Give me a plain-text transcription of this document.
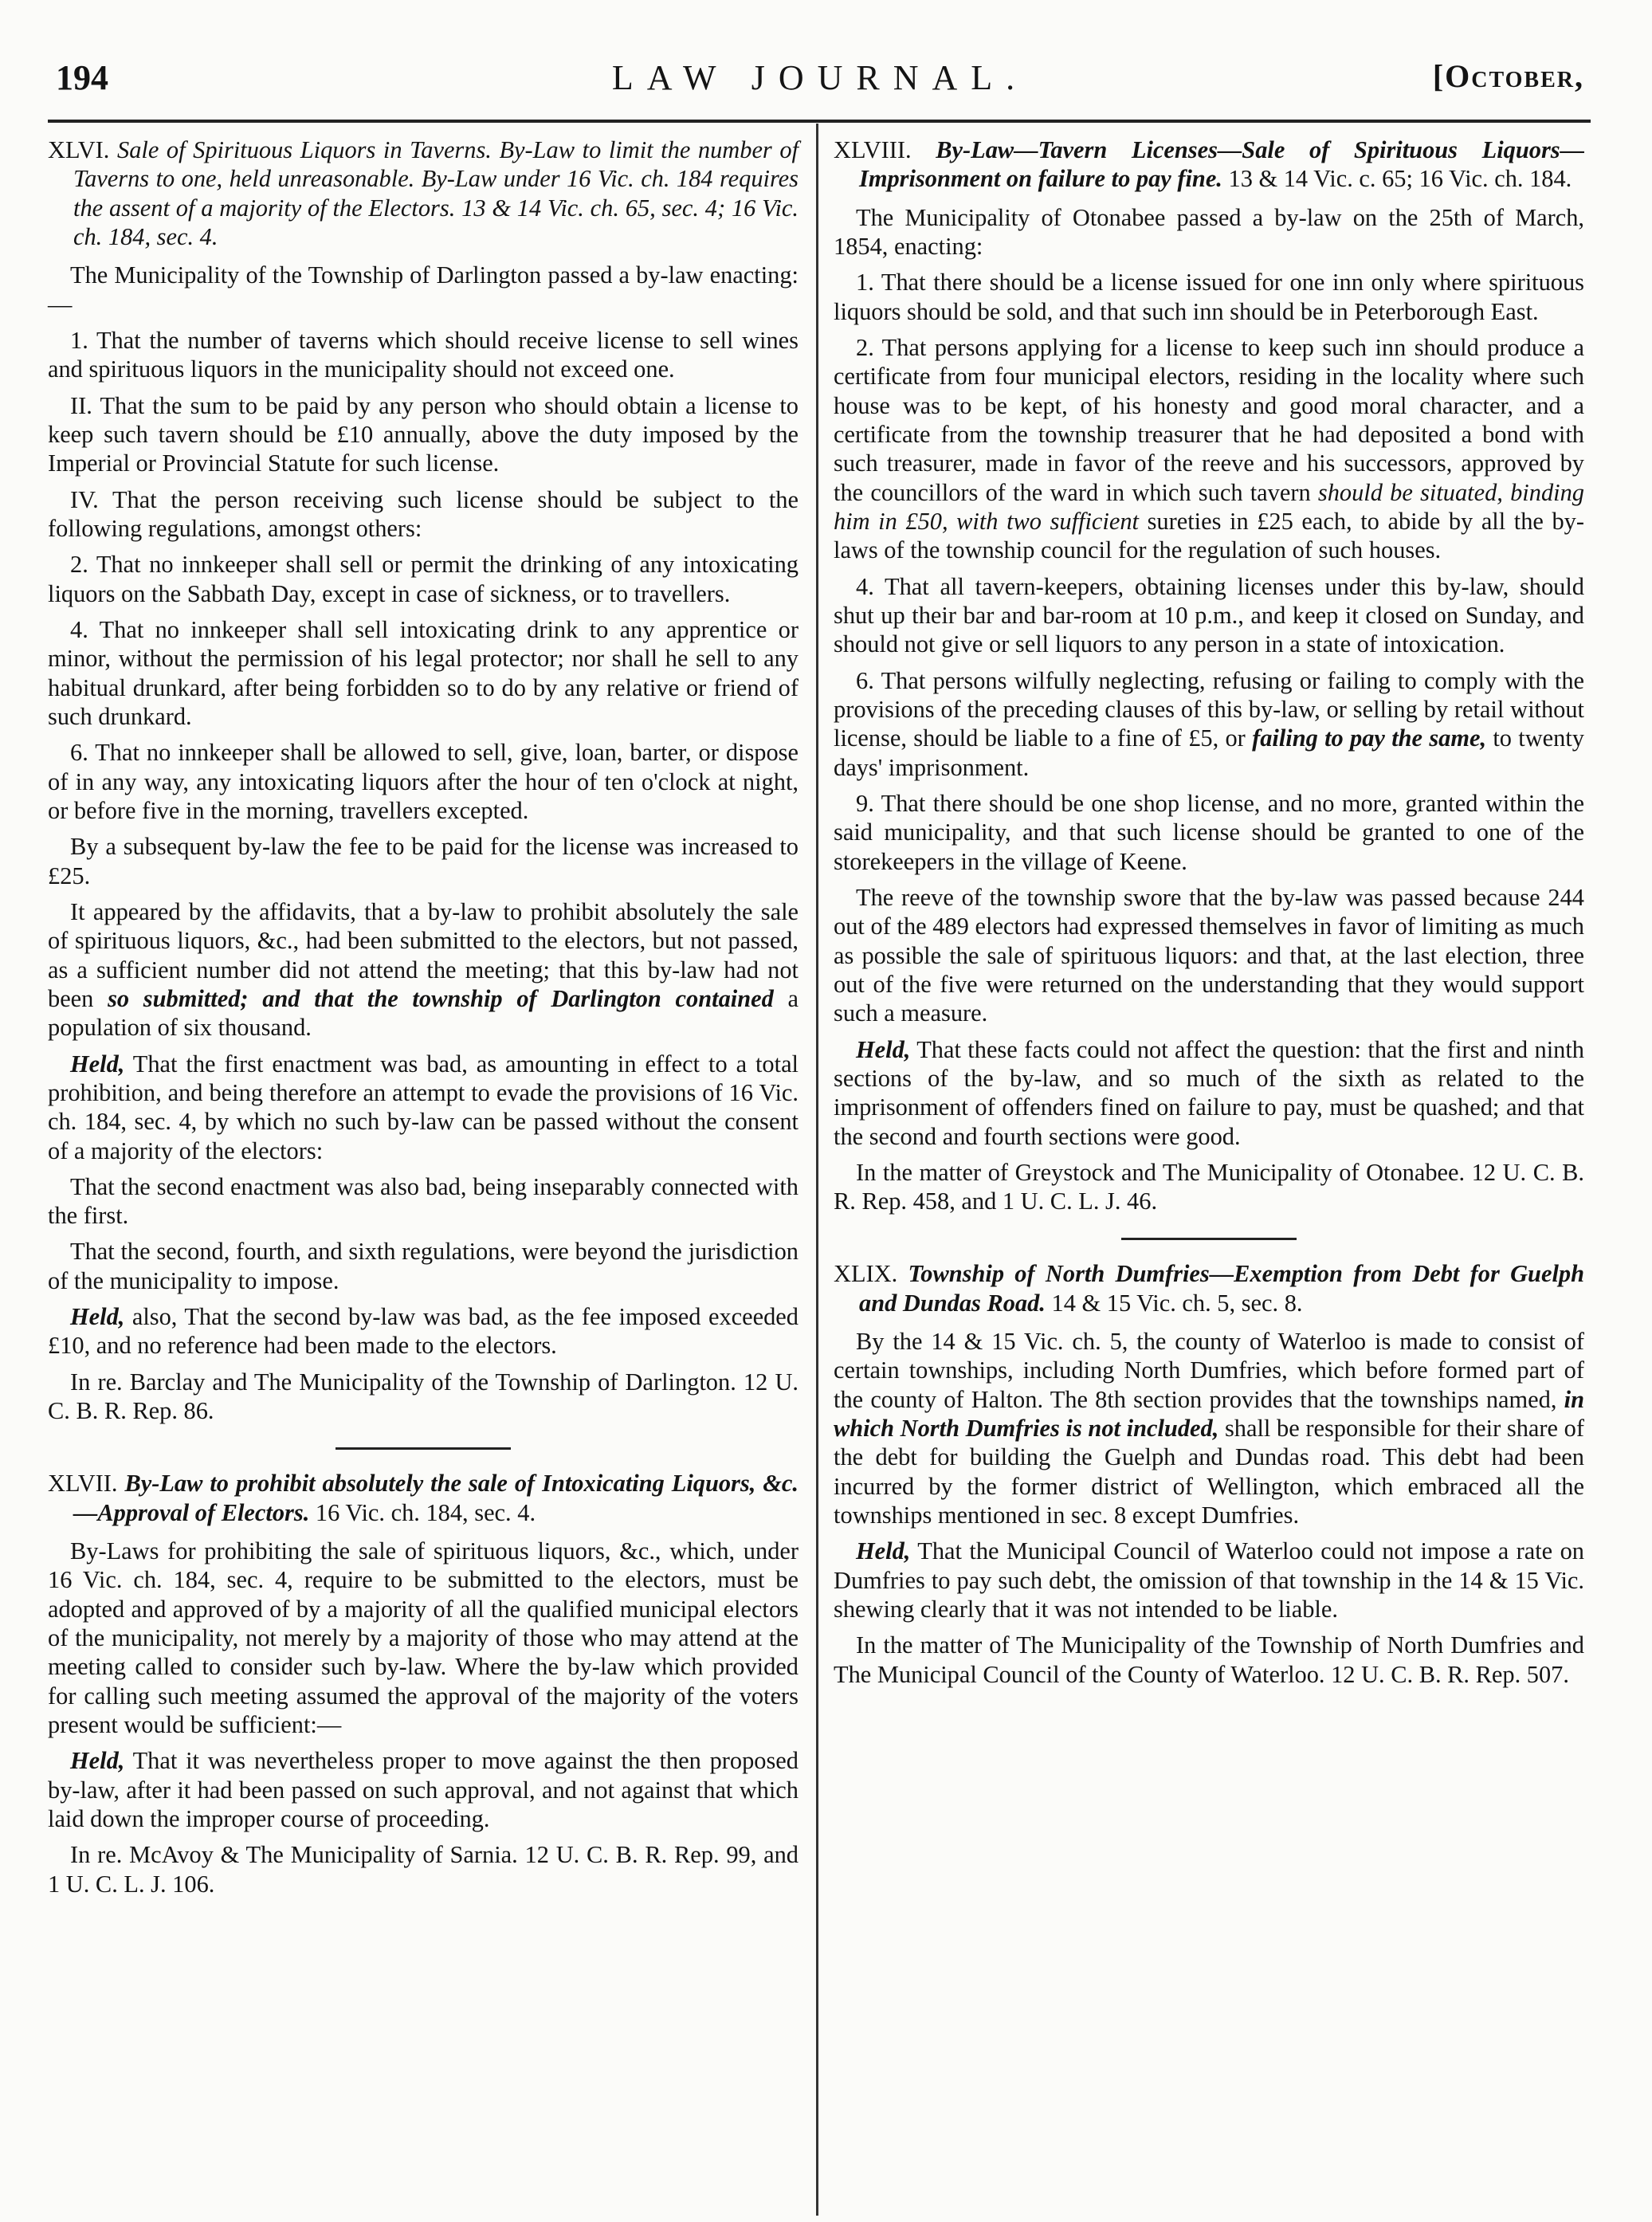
194	LAW JOURNAL.	[October,

XLVI. Sale of Spirituous Liquors in Taverns. By-Law to limit the number of Taverns to one, held unreasonable. By-Law under 16 Vic. ch. 184 requires the assent of a majority of the Electors. 13 & 14 Vic. ch. 65, sec. 4; 16 Vic. ch. 184, sec. 4.

The Municipality of the Township of Darlington passed a by-law enacting:—

1. That the number of taverns which should receive license to sell wines and spirituous liquors in the municipality should not exceed one.

II. That the sum to be paid by any person who should obtain a license to keep such tavern should be £10 annually, above the duty imposed by the Imperial or Provincial Statute for such license.

IV. That the person receiving such license should be subject to the following regulations, amongst others:

2. That no innkeeper shall sell or permit the drinking of any intoxicating liquors on the Sabbath Day, except in case of sickness, or to travellers.

4. That no innkeeper shall sell intoxicating drink to any apprentice or minor, without the permission of his legal protector; nor shall he sell to any habitual drunkard, after being forbidden so to do by any relative or friend of such drunkard.

6. That no innkeeper shall be allowed to sell, give, loan, barter, or dispose of in any way, any intoxicating liquors after the hour of ten o'clock at night, or before five in the morning, travellers excepted.

By a subsequent by-law the fee to be paid for the license was increased to £25.

It appeared by the affidavits, that a by-law to prohibit absolutely the sale of spirituous liquors, &c., had been submitted to the electors, but not passed, as a sufficient number did not attend the meeting; that this by-law had not been so submitted; and that the township of Darlington contained a population of six thousand.

Held, That the first enactment was bad, as amounting in effect to a total prohibition, and being therefore an attempt to evade the provisions of 16 Vic. ch. 184, sec. 4, by which no such by-law can be passed without the consent of a majority of the electors:

That the second enactment was also bad, being inseparably connected with the first.

That the second, fourth, and sixth regulations, were beyond the jurisdiction of the municipality to impose.

Held, also, That the second by-law was bad, as the fee imposed exceeded £10, and no reference had been made to the electors.

In re. Barclay and The Municipality of the Township of Darlington. 12 U. C. B. R. Rep. 86.

XLVII. By-Law to prohibit absolutely the sale of Intoxicating Liquors, &c.—Approval of Electors. 16 Vic. ch. 184, sec. 4.

By-Laws for prohibiting the sale of spirituous liquors, &c., which, under 16 Vic. ch. 184, sec. 4, require to be submitted to the electors, must be adopted and approved of by a majority of all the qualified municipal electors of the municipality, not merely by a majority of those who may attend at the meeting called to consider such by-law. Where the by-law which provided for calling such meeting assumed the approval of the majority of the voters present would be sufficient:—

Held, That it was nevertheless proper to move against the then proposed by-law, after it had been passed on such approval, and not against that which laid down the improper course of proceeding.

In re. McAvoy & The Municipality of Sarnia. 12 U. C. B. R. Rep. 99, and 1 U. C. L. J. 106.

XLVIII. By-Law—Tavern Licenses—Sale of Spirituous Liquors—Imprisonment on failure to pay fine. 13 & 14 Vic. c. 65; 16 Vic. ch. 184.

The Municipality of Otonabee passed a by-law on the 25th of March, 1854, enacting:

1. That there should be a license issued for one inn only where spirituous liquors should be sold, and that such inn should be in Peterborough East.

2. That persons applying for a license to keep such inn should produce a certificate from four municipal electors, residing in the locality where such house was to be kept, of his honesty and good moral character, and a certificate from the township treasurer that he had deposited a bond with such treasurer, made in favor of the reeve and his successors, approved by the councillors of the ward in which such tavern should be situated, binding him in £50, with two sufficient sureties in £25 each, to abide by all the by-laws of the township council for the regulation of such houses.

4. That all tavern-keepers, obtaining licenses under this by-law, should shut up their bar and bar-room at 10 p.m., and keep it closed on Sunday, and should not give or sell liquors to any person in a state of intoxication.

6. That persons wilfully neglecting, refusing or failing to comply with the provisions of the preceding clauses of this by-law, or selling by retail without license, should be liable to a fine of £5, or failing to pay the same, to twenty days' imprisonment.

9. That there should be one shop license, and no more, granted within the said municipality, and that such license should be granted to one of the storekeepers in the village of Keene.

The reeve of the township swore that the by-law was passed because 244 out of the 489 electors had expressed themselves in favor of limiting as much as possible the sale of spirituous liquors: and that, at the last election, three out of the five were returned on the understanding that they would support such a measure.

Held, That these facts could not affect the question: that the first and ninth sections of the by-law, and so much of the sixth as related to the imprisonment of offenders fined on failure to pay, must be quashed; and that the second and fourth sections were good.

In the matter of Greystock and The Municipality of Otonabee. 12 U. C. B. R. Rep. 458, and 1 U. C. L. J. 46.

XLIX. Township of North Dumfries—Exemption from Debt for Guelph and Dundas Road. 14 & 15 Vic. ch. 5, sec. 8.

By the 14 & 15 Vic. ch. 5, the county of Waterloo is made to consist of certain townships, including North Dumfries, which before formed part of the county of Halton. The 8th section provides that the townships named, in which North Dumfries is not included, shall be responsible for their share of the debt for building the Guelph and Dundas road. This debt had been incurred by the former district of Wellington, which embraced all the townships mentioned in sec. 8 except Dumfries.

Held, That the Municipal Council of Waterloo could not impose a rate on Dumfries to pay such debt, the omission of that township in the 14 & 15 Vic. shewing clearly that it was not intended to be liable.

In the matter of The Municipality of the Township of North Dumfries and The Municipal Council of the County of Waterloo. 12 U. C. B. R. Rep. 507.
